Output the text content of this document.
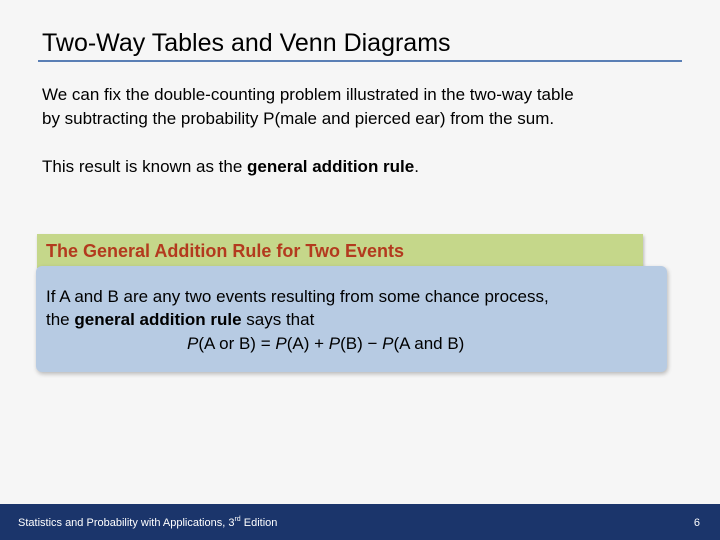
Two-Way Tables and Venn Diagrams
We can fix the double-counting problem illustrated in the two-way table
by subtracting the probability P(male and pierced ear) from the sum.
This result is known as the general addition rule.
The General Addition Rule for Two Events
If A and B are any two events resulting from some chance process,
the general addition rule says that
P(A or B) = P(A) + P(B) − P(A and B)
Statistics and Probability with Applications, 3rd Edition	6
